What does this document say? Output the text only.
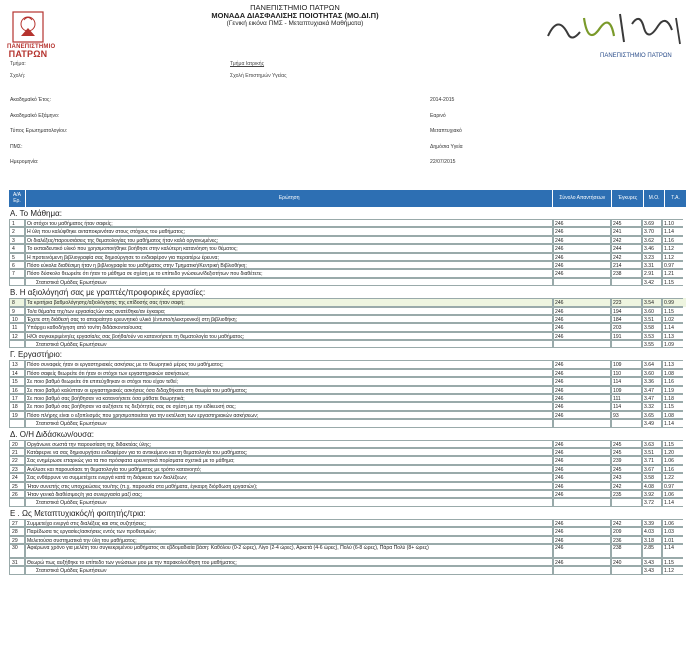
ΠΑΝΕΠΙΣΤΗΜΙΟ
ΠΑΤΡΩΝ
ΠΑΝΕΠΙΣΤΗΜΙΟ ΠΑΤΡΩΝ
ΜΟΝΑΔΑ ΔΙΑΣΦΑΛΙΣΗΣ ΠΟΙΟΤΗΤΑΣ (ΜΟ.ΔΙ.Π)
(Γενική εικόνα ΠΜΣ - Μεταπτυχιακά Μαθήματα)
ΠΑΝΕΠΙΣΤΗΜΙΟ ΠΑΤΡΩΝ
Τμήμα:	Τμήμα Ιατρικής
Σχολή:	Σχολή Επιστημών Υγείας
Ακαδημαϊκό Έτος:	2014-2015
Ακαδημαϊκό Εξάμηνο:	Εαρινό
Τύπος Ερωτηματολογίου:	Μεταπτυχιακό
ΠΜΣ:	Δημόσια Υγεία
Ημερομηνία:	22/07/2015
Α/Α Ερ.	Ερώτηση	Σύνολο Απαντήσεων	Έγκυρες	Μ.Ο.	Τ.Α.
Α. Το Μάθημα:
1	Οι στόχοι του μαθήματος ήταν σαφείς;	246	245	3.69	1.10
2	Η ύλη που καλύφθηκε ανταποκρινόταν στους στόχους του μαθήματος;	246	241	3.70	1.14
3	Οι διαλέξεις/παρουσιάσεις της θεματολογίας του μαθήματος ήταν καλά οργανωμένες;	246	242	3.62	1.16
4	Το εκπαιδευτικό υλικό που χρησιμοποιήθηκε βοήθησε στην καλύτερη κατανόηση του θέματος;	246	244	3.46	1.12
5	Η προτεινόμενη βιβλιογραφία σας δημιούργησε το ενδιαφέρον για περαιτέρω έρευνα;	246	242	3.23	1.12
6	Πόσο εύκολα διαθέσιμη ήταν η βιβλιογραφία του μαθήματος στην Τμηματική/Κεντρική Βιβλιοθήκη;	246	214	3.31	0.97
7	Πόσο δύσκολο θεωρείτε ότι ήταν το μάθημα σε σχέση με το επίπεδο γνώσεων/δεξιοτήτων που διαθέτετε;	246	238	2.91	1.21
Στατιστικά Ομάδας Ερωτήσεων	3.42	1.15
Β. Η αξιολόγησή σας με γραπτές/προφορικές εργασίες:
8	Τα κριτήρια βαθμολόγησης/αξιολόγησης της επίδοσής σας ήταν σαφή;	246	223	3.54	0.99
9	Το/α θέμα/τα της/των εργασίας/ών σας ανατέθηκε/αν έγκαιρα;	246	194	3.60	1.15
10	Έχετε στη διάθεσή σας το απαραίτητο ερευνητικό υλικό (έντυπο/ηλεκτρονικό) στη βιβλιοθήκη;	246	184	3.51	1.02
11	Υπάρχει καθοδήγηση από τον/τη διδάσκοντα/ουσα;	246	203	3.58	1.14
12	Η/Οι συγκεκριμένη/ες εργασία/ες σας βοήθα/ούν να κατανοήσετε τη θεματολογία του μαθήματος;	246	191	3.53	1.13
Στατιστικά Ομάδας Ερωτήσεων	3.55	1.09
Γ. Εργαστήριο:
13	Πόσο συναφείς ήταν οι εργαστηριακές ασκήσεις με το θεωρητικό μέρος του μαθήματος;	246	109	3.64	1.13
14	Πόσο σαφείς θεωρείτε ότι ήταν οι στόχοι των εργαστηριακών ασκήσεων;	246	110	3.60	1.08
15	Σε ποιο βαθμό θεωρείτε ότι επιτεύχθηκαν οι στόχοι που είχαν τεθεί;	246	114	3.36	1.16
16	Σε ποιο βαθμό καλύπταν οι εργαστηριακές ασκήσεις όσα διδαχθήκατε στη θεωρία του μαθήματος;	246	109	3.47	1.19
17	Σε ποιο βαθμό σας βοήθησαν να κατανοήσετε όσα μάθατε θεωρητικά;	246	111	3.47	1.18
18	Σε ποιο βαθμό σας βοήθησαν να αυξήσετε τις δεξιότητές σας σε σχέση με την ειδίκευσή σας;	246	114	3.32	1.15
19	Πόσο πλήρης είναι ο εξοπλισμός που χρησιμοποιείται για την εκτέλεση των εργαστηριακών ασκήσεων;	246	93	3.65	1.08
Στατιστικά Ομάδας Ερωτήσεων	3.49	1.14
Δ. Ο/Η Διδάσκων/ουσα:
20	Οργάνωνε σωστά την παρουσίαση της διδακτέας ύλης;	246	245	3.63	1.15
21	Κατάφερνε να σας δημιουργήσει ενδιαφέρον για το αντικείμενο και τη θεματολογία του μαθήματος;	246	245	3.51	1.20
22	Σας ενημέρωσε επαρκώς για τα πιο πρόσφατα ερευνητικά πορίσματα σχετικά με το μάθημα;	246	239	3.71	1.06
23	Ανέλυσε και παρουσίασε τη θεματολογία του μαθήματος με τρόπο κατανοητό;	246	245	3.67	1.16
24	Σας ενθάρρυνε να συμμετέχετε ενεργά κατά τη διάρκεια των διαλέξεων;	246	243	3.58	1.22
25	Ήταν συνεπής στις υποχρεώσεις του/της (π.χ. παρουσία στα μαθήματα, έγκαιρη διόρθωση εργασιών);	246	242	4.08	0.97
26	Ήταν γενικά διαθέσιμος/η για συνεργασία μαζί σας;	246	235	3.92	1.06
Στατιστικά Ομάδας Ερωτήσεων	3.72	1.14
Ε . Ως Μεταπτυχιακός/ή φοιτητής/τρια:
27	Συμμετείχα ενεργά στις διαλέξεις και στις συζητήσεις;	246	242	3.39	1.06
28	Παρέδωσα τις εργασίες/ασκήσεις εντός των προθεσμιών;	246	209	4.03	1.03
29	Μελετούσα συστηματικά την ύλη του μαθήματος;	246	236	3.18	1.01
30	Αφιέρωνα χρόνο για μελέτη του συγκεκριμένου μαθήματος σε εβδομαδιαία βάση: Καθόλου (0-2 ώρες), Λίγο (2-4 ώρες), Αρκετά (4-6 ώρες), Πολύ (6-8 ώρες), Πάρα Πολύ (8+ ώρες)	246	238	2.85	1.14
31	Θεωρώ πως αυξήθηκε το επίπεδο των γνώσεων μου με την παρακολούθηση του μαθήματος;	246	240	3.43	1.15
Στατιστικά Ομάδας Ερωτήσεων	3.43	1.12
